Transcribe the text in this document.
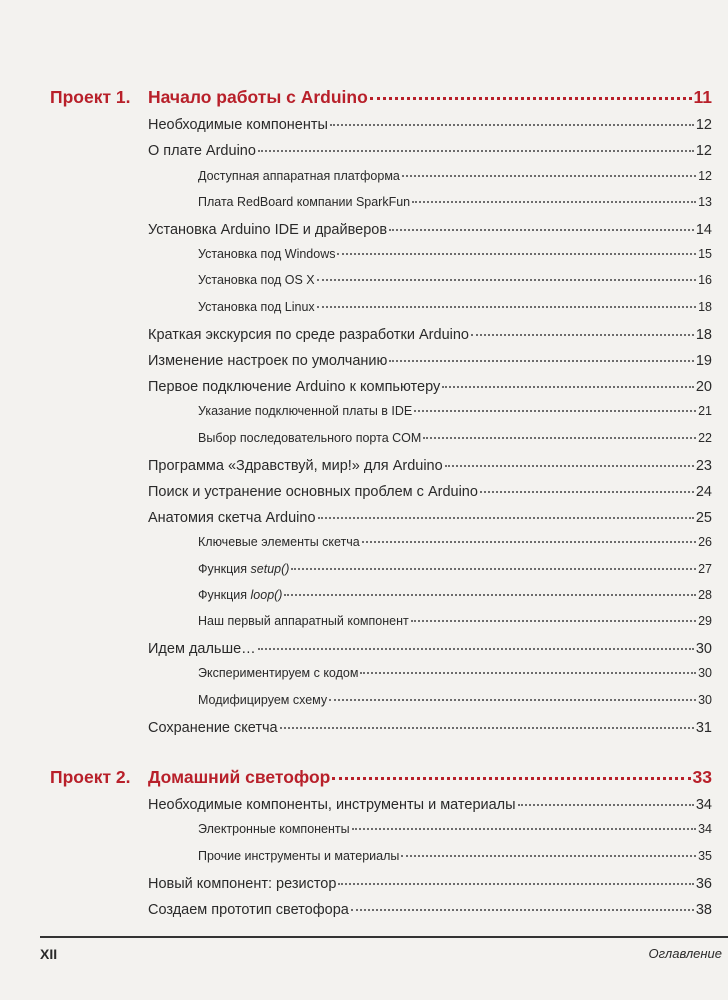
Проект 1. Начало работы с Arduino	11
Необходимые компоненты	12
О плате Arduino	12
Доступная аппаратная платформа	12
Плата RedBoard компании SparkFun	13
Установка Arduino IDE и драйверов	14
Установка под Windows	15
Установка под OS X	16
Установка под Linux	18
Краткая экскурсия по среде разработки Arduino	18
Изменение настроек по умолчанию	19
Первое подключение Arduino к компьютеру	20
Указание подключенной платы в IDE	21
Выбор последовательного порта COM	22
Программа «Здравствуй, мир!» для Arduino	23
Поиск и устранение основных проблем с Arduino	24
Анатомия скетча Arduino	25
Ключевые элементы скетча	26
Функция setup()	27
Функция loop()	28
Наш первый аппаратный компонент	29
Идем дальше…	30
Экспериментируем с кодом	30
Модифицируем схему	30
Сохранение скетча	31
Проект 2. Домашний светофор	33
Необходимые компоненты, инструменты и материалы	34
Электронные компоненты	34
Прочие инструменты и материалы	35
Новый компонент: резистор	36
Создаем прототип светофора	38
XII	Оглавление
